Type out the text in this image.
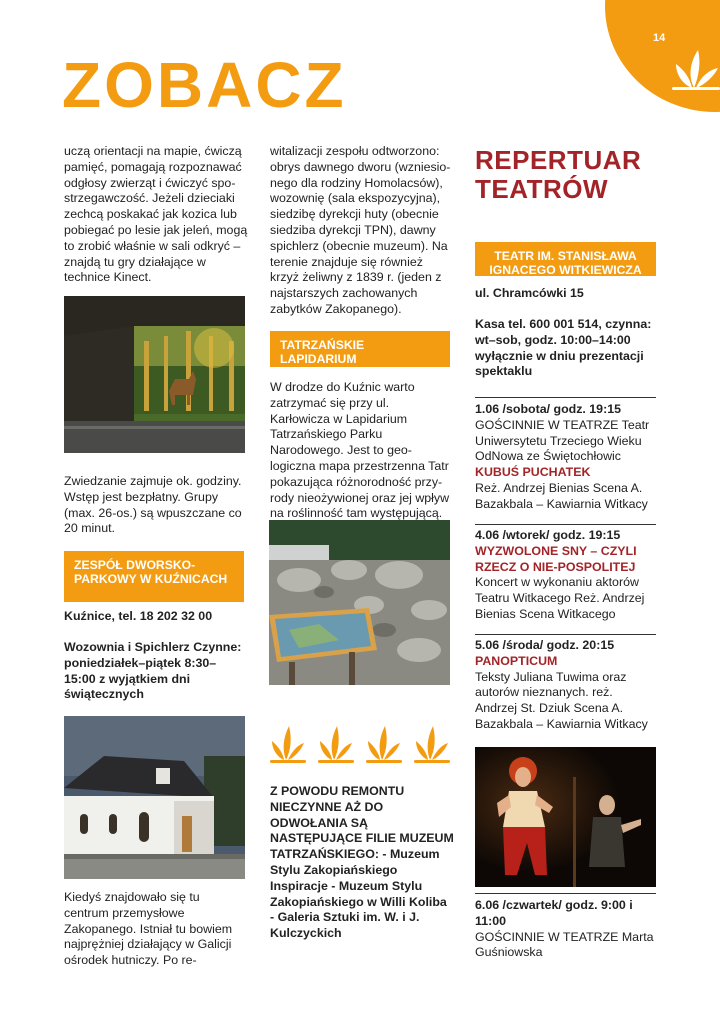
14
ZOBACZ

uczą orientacji na mapie, ćwiczą pamięć, pomagają rozpoznawać odgłosy zwierząt i ćwiczyć spo-strzegawczość. Jeżeli dzieciaki zechcą poskakać jak kozica lub pobiegać po lesie jak jeleń, mogą to zrobić właśnie w sali odkryć – znajdą tu gry działające w technice Kinect.

Zwiedzanie zajmuje ok. godziny. Wstęp jest bezpłatny. Grupy (max. 26-os.) są wpuszczane co 20 minut.

ZESPÓŁ DWORSKO-PARKOWY W KUŹNICACH

Kuźnice, tel. 18 202 32 00

Wozownia i Spichlerz Czynne: poniedziałek–piątek 8:30–15:00 z wyjątkiem dni świątecznych

Kiedyś znajdowało się tu centrum przemysłowe Zakopanego. Istniał tu bowiem najprężniej działający w Galicji ośrodek hutniczy. Po re-

witalizacji zespołu odtworzono: obrys dawnego dworu (wzniesio-nego dla rodziny Homolacsów), wozownię (sala ekspozycyjna), siedzibę dyrekcji huty (obecnie siedziba dyrekcji TPN), dawny spichlerz (obecnie muzeum). Na terenie znajduje się również krzyż żeliwny z 1839 r. (jeden z najstarszych zachowanych zabytków Zakopanego).

TATRZAŃSKIE LAPIDARIUM

W drodze do Kuźnic warto zatrzymać się przy ul. Karłowicza w Lapidarium Tatrzańskiego Parku Narodowego. Jest to geo-logiczna mapa przestrzenna Tatr pokazująca różnorodność przy-rody nieożywionej oraz jej wpływ na roślinność tam występującą.

Z POWODU REMONTU NIECZYNNE AŻ DO ODWOŁANIA SĄ NASTĘPUJĄCE FILIE MUZEUM TATRZAŃSKIEGO: - Muzeum Stylu Zakopiańskiego Inspiracje - Muzeum Stylu Zakopiańskiego w Willi Koliba - Galeria Sztuki im. W. i J. Kulczyckich

REPERTUAR TEATRÓW
TEATR IM. STANISŁAWA IGNACEGO WITKIEWICZA

ul. Chramcówki 15

Kasa tel. 600 001 514, czynna: wt–sob, godz. 10:00–14:00 wyłącznie w dniu prezentacji spektaklu

1.06 /sobota/ godz. 19:15

GOŚCINNIE W TEATRZE Teatr Uniwersytetu Trzeciego Wieku OdNowa ze Świętochłowic

KUBUŚ PUCHATEK

Reż. Andrzej Bienias Scena A. Bazakbala – Kawiarnia Witkacy

4.06 /wtorek/ godz. 19:15

WYZWOLONE SNY – CZYLI RZECZ O NIE-POSPOLITEJ

Koncert w wykonaniu aktorów Teatru Witkacego Reż. Andrzej Bienias Scena Witkacego

5.06 /środa/ godz. 20:15

PANOPTICUM

Teksty Juliana Tuwima oraz autorów nieznanych. reż. Andrzej St. Dziuk Scena A. Bazakbala – Kawiarnia Witkacy

6.06 /czwartek/ godz. 9:00 i 11:00

GOŚCINNIE W TEATRZE Marta Guśniowska
